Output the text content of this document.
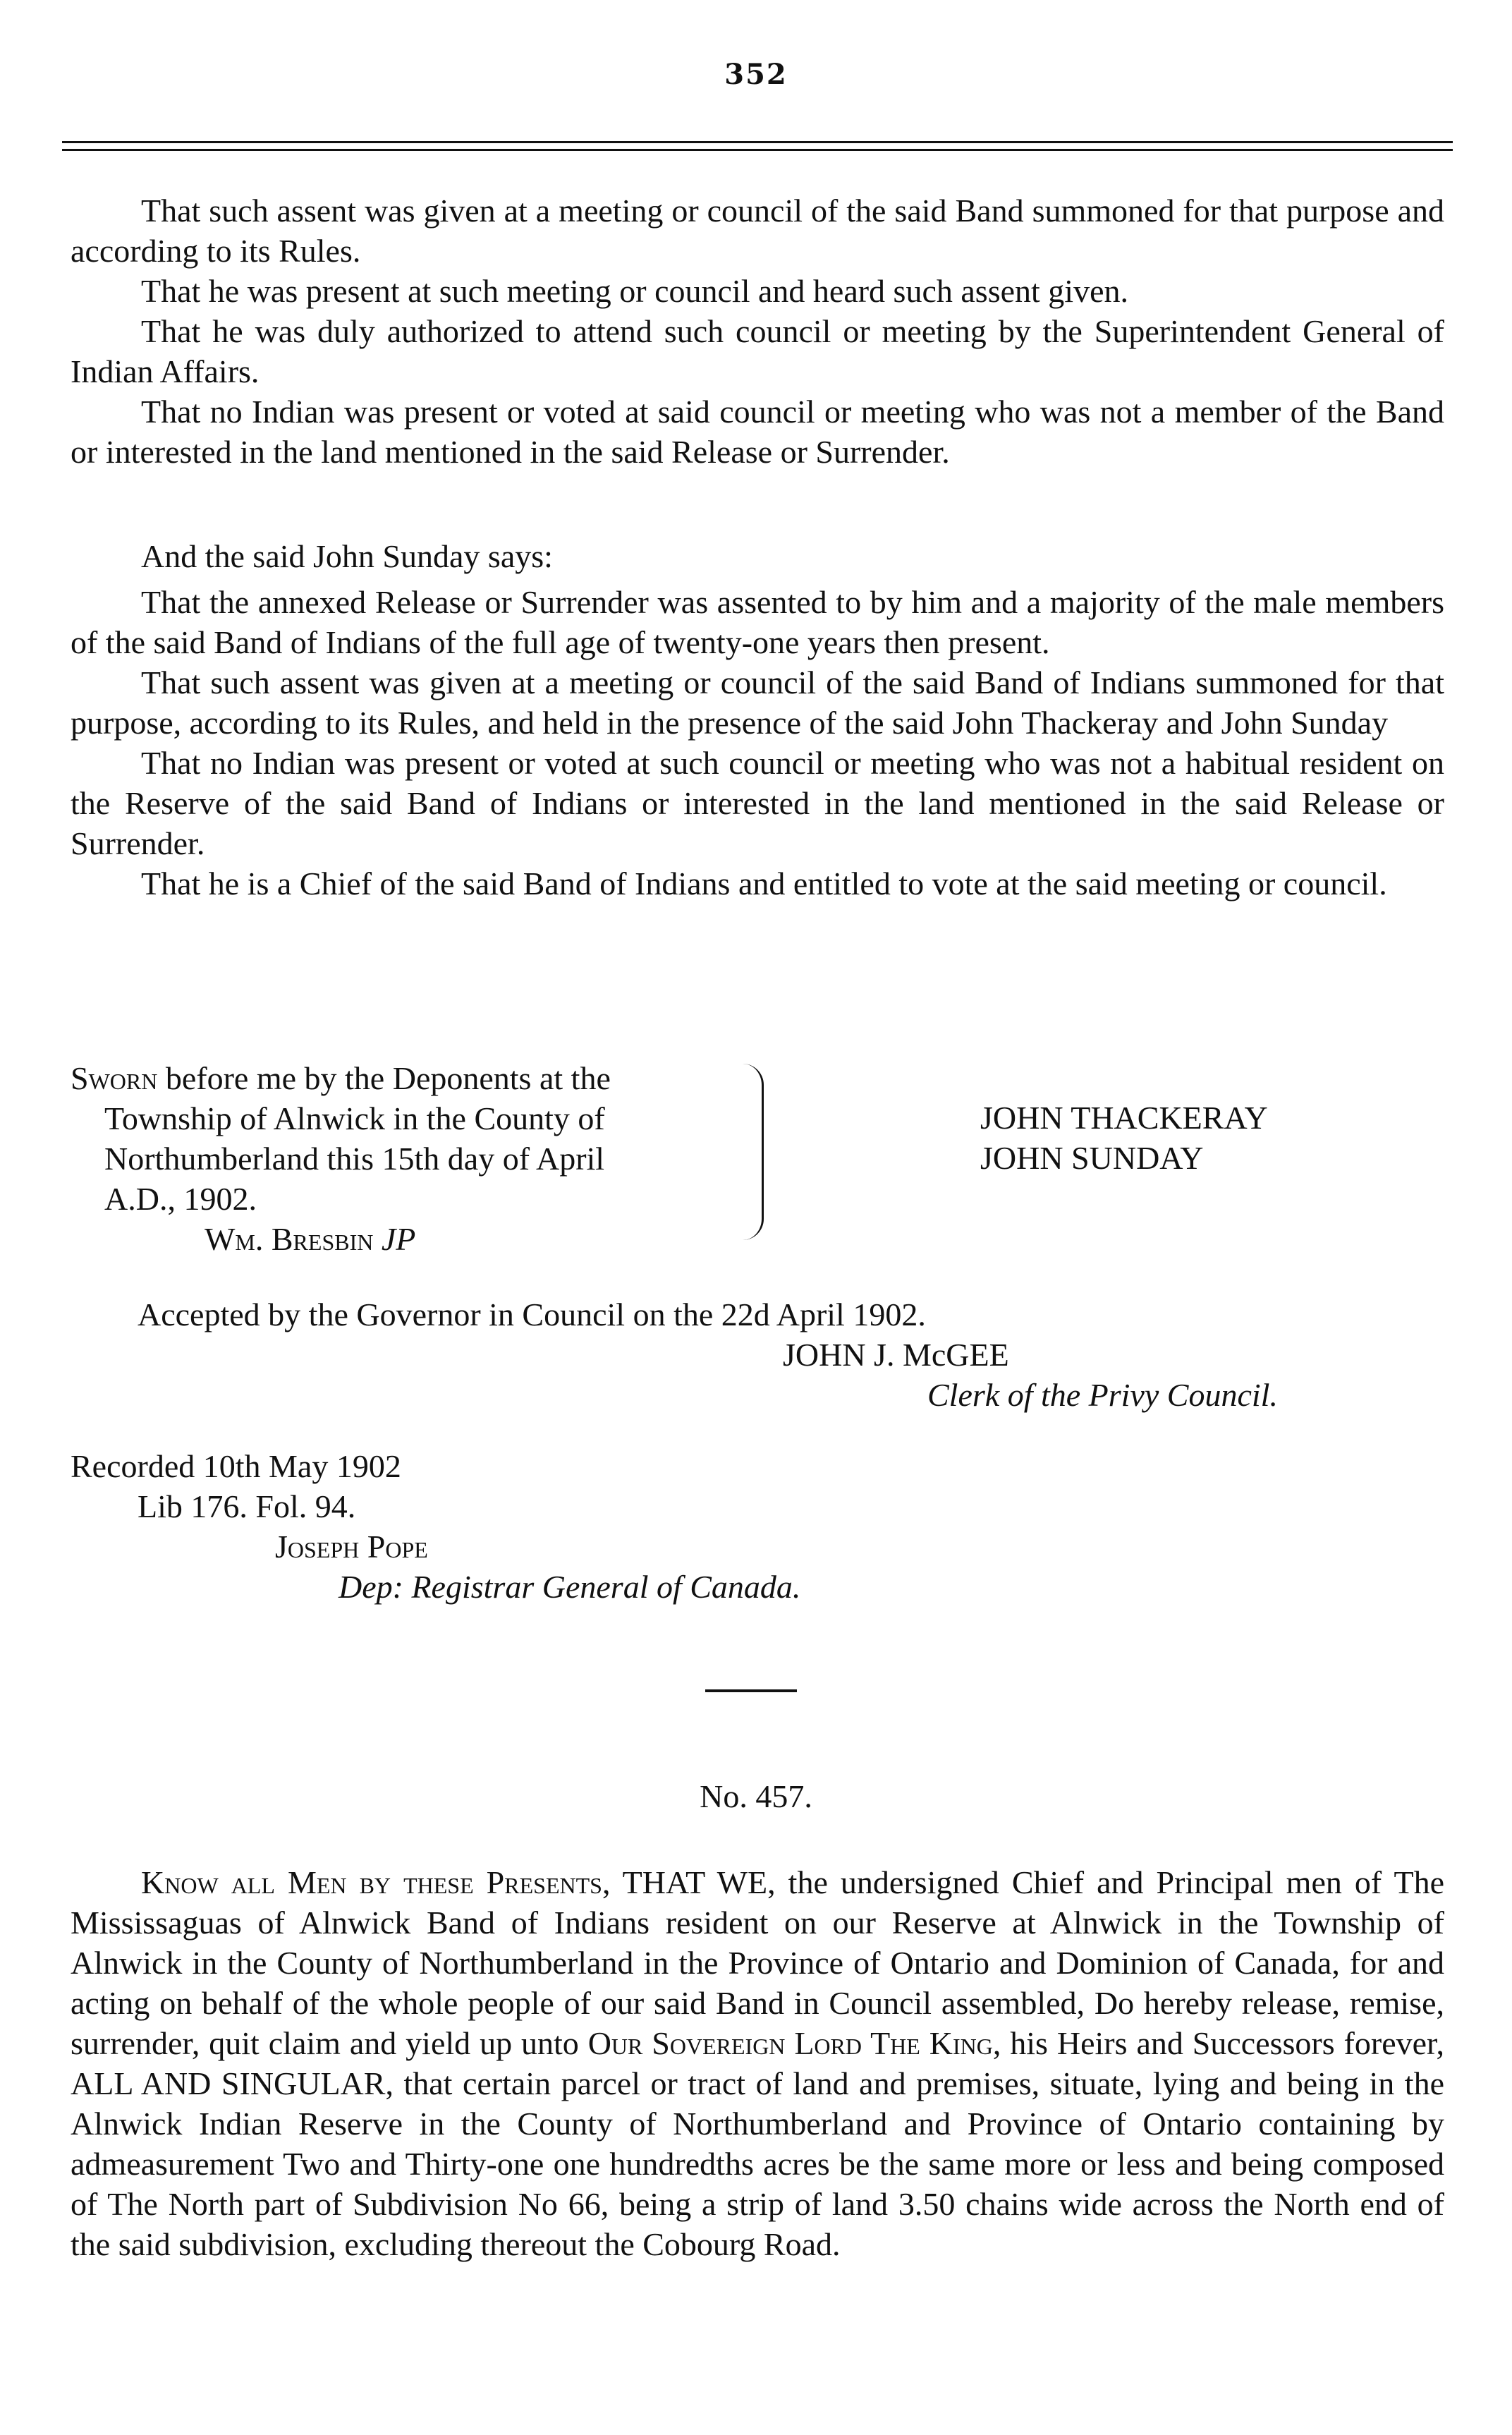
352

That such assent was given at a meeting or council of the said Band summoned for that purpose and according to its Rules.

That he was present at such meeting or council and heard such assent given.

That he was duly authorized to attend such council or meeting by the Superintendent General of Indian Affairs.

That no Indian was present or voted at said council or meeting who was not a member of the Band or interested in the land mentioned in the said Release or Surrender.

And the said John Sunday says:

That the annexed Release or Surrender was assented to by him and a majority of the male members of the said Band of Indians of the full age of twenty-one years then present.

That such assent was given at a meeting or council of the said Band of Indians summoned for that purpose, according to its Rules, and held in the presence of the said John Thackeray and John Sunday

That no Indian was present or voted at such council or meeting who was not a habitual resident on the Reserve of the said Band of Indians or interested in the land mentioned in the said Release or Surrender.

That he is a Chief of the said Band of Indians and entitled to vote at the said meeting or council.

Sworn before me by the Deponents at the

Township of Alnwick in the County of

Northumberland this 15th day of April

A.D., 1902.

Wm. Bresbin JP

JOHN THACKERAY

JOHN SUNDAY

Accepted by the Governor in Council on the 22d April 1902.

JOHN J. McGEE

Clerk of the Privy Council.

Recorded 10th May 1902

Lib 176. Fol. 94.

Joseph Pope

Dep: Registrar General of Canada.

No. 457.

Know all Men by these Presents, THAT WE, the undersigned Chief and Principal men of The Mississaguas of Alnwick Band of Indians resident on our Reserve at Alnwick in the Township of Alnwick in the County of Northumberland in the Province of Ontario and Dominion of Canada, for and acting on behalf of the whole people of our said Band in Council assembled, Do hereby release, remise, surrender, quit claim and yield up unto Our Sovereign Lord The King, his Heirs and Successors forever, ALL AND SINGULAR, that certain parcel or tract of land and premises, situate, lying and being in the Alnwick Indian Reserve in the County of Northumberland and Province of Ontario containing by admeasurement Two and Thirty-one one hundredths acres be the same more or less and being composed of The North part of Subdivision No 66, being a strip of land 3.50 chains wide across the North end of the said subdivision, excluding thereout the Cobourg Road.
